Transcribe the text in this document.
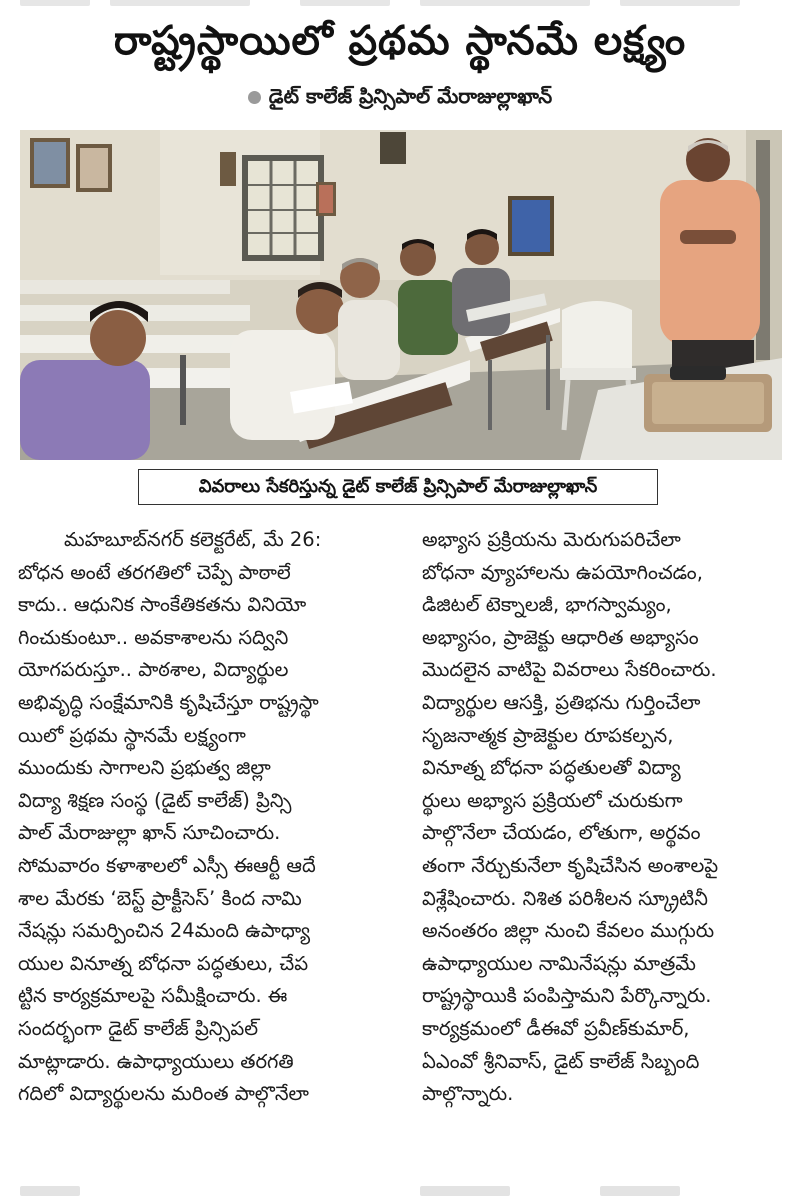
రాష్ట్రస్థాయిలో ప్రథమ స్థానమే లక్ష్యం
డైట్ కాలేజ్ ప్రిన్సిపాల్ మేరాజుల్లాఖాన్
వివరాలు సేకరిస్తున్న డైట్ కాలేజ్ ప్రిన్సిపాల్ మేరాజుల్లాఖాన్
మహబూబ్‌నగర్ కలెక్టరేట్, మే 26:
బోధన అంటే తరగతిలో చెప్పే పాఠాలే
కాదు.. ఆధునిక సాంకేతికతను వినియో
గించుకుంటూ.. అవకాశాలను సద్విని
యోగపరుస్తూ.. పాఠశాల, విద్యార్థుల
అభివృద్ధి సంక్షేమానికి కృషిచేస్తూ రాష్ట్రస్థా
యిలో ప్రథమ స్థానమే లక్ష్యంగా
ముందుకు సాగాలని ప్రభుత్వ జిల్లా
విద్యా శిక్షణ సంస్థ (డైట్ కాలేజ్) ప్రిన్సి
పాల్ మేరాజుల్లా ఖాన్ సూచించారు.
సోమవారం కళాశాలలో ఎస్సీ ఈఆర్టీ ఆదే
శాల మేరకు ‘బెస్ట్ ప్రాక్టీసెస్’ కింద నామి
నేషన్లు సమర్పించిన 24మంది ఉపాధ్యా
యుల వినూత్న బోధనా పద్ధతులు, చేప
ట్టిన కార్యక్రమాలపై సమీక్షించారు. ఈ
సందర్భంగా డైట్ కాలేజ్ ప్రిన్సిపల్
మాట్లాడారు. ఉపాధ్యాయులు తరగతి
గదిలో విద్యార్థులను మరింత పాల్గొనేలా
అభ్యాస ప్రక్రియను మెరుగుపరిచేలా
బోధనా వ్యూహాలను ఉపయోగించడం,
డిజిటల్ టెక్నాలజీ, భాగస్వామ్యం,
అభ్యాసం, ప్రాజెక్టు ఆధారిత అభ్యాసం
మొదలైన వాటిపై వివరాలు సేకరించారు.
విద్యార్థుల ఆసక్తి, ప్రతిభను గుర్తించేలా
సృజనాత్మక ప్రాజెక్టుల రూపకల్పన,
వినూత్న బోధనా పద్ధతులతో విద్యా
ర్థులు అభ్యాస ప్రక్రియలో చురుకుగా
పాల్గొనేలా చేయడం, లోతుగా, అర్థవం
తంగా నేర్చుకునేలా కృషిచేసిన అంశాలపై
విశ్లేషించారు. నిశిత పరిశీలన స్క్రూటినీ
అనంతరం జిల్లా నుంచి కేవలం ముగ్గురు
ఉపాధ్యాయుల నామినేషన్లు మాత్రమే
రాష్ట్రస్థాయికి పంపిస్తామని పేర్కొన్నారు.
కార్యక్రమంలో డీఈవో ప్రవీణ్‌కుమార్,
ఏఎంవో శ్రీనివాస్, డైట్ కాలేజ్ సిబ్బంది
పాల్గొన్నారు.
